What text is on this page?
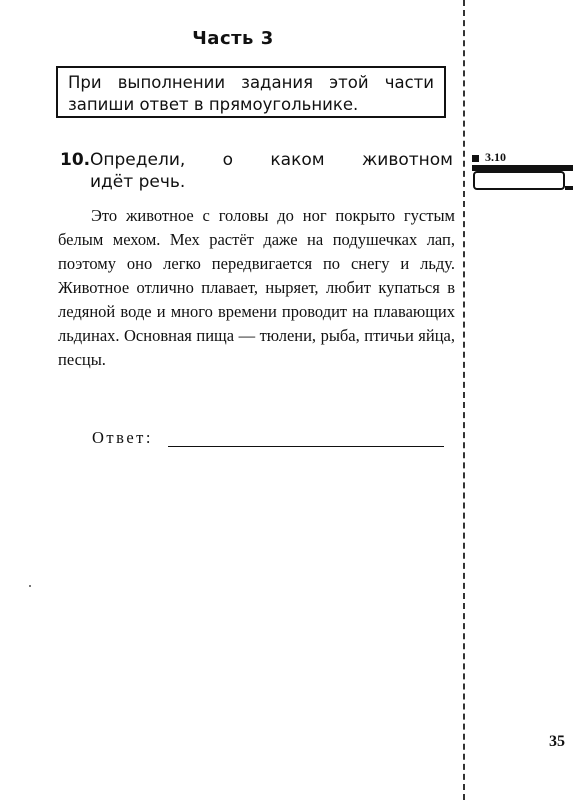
Часть 3
При выполнении задания этой части запиши ответ в прямоугольнике.
10. Определи, о каком животном
идёт речь.

Это животное с головы до ног покрыто густым белым мехом. Мех растёт даже на подушечках лап, поэтому оно легко передвигается по снегу и льду. Животное отлично плавает, ныряет, любит купаться в ледяной воде и много времени проводит на плавающих льдинах. Основная пища — тюлени, рыба, птичьи яйца, песцы.

Ответ:
3.10
35
